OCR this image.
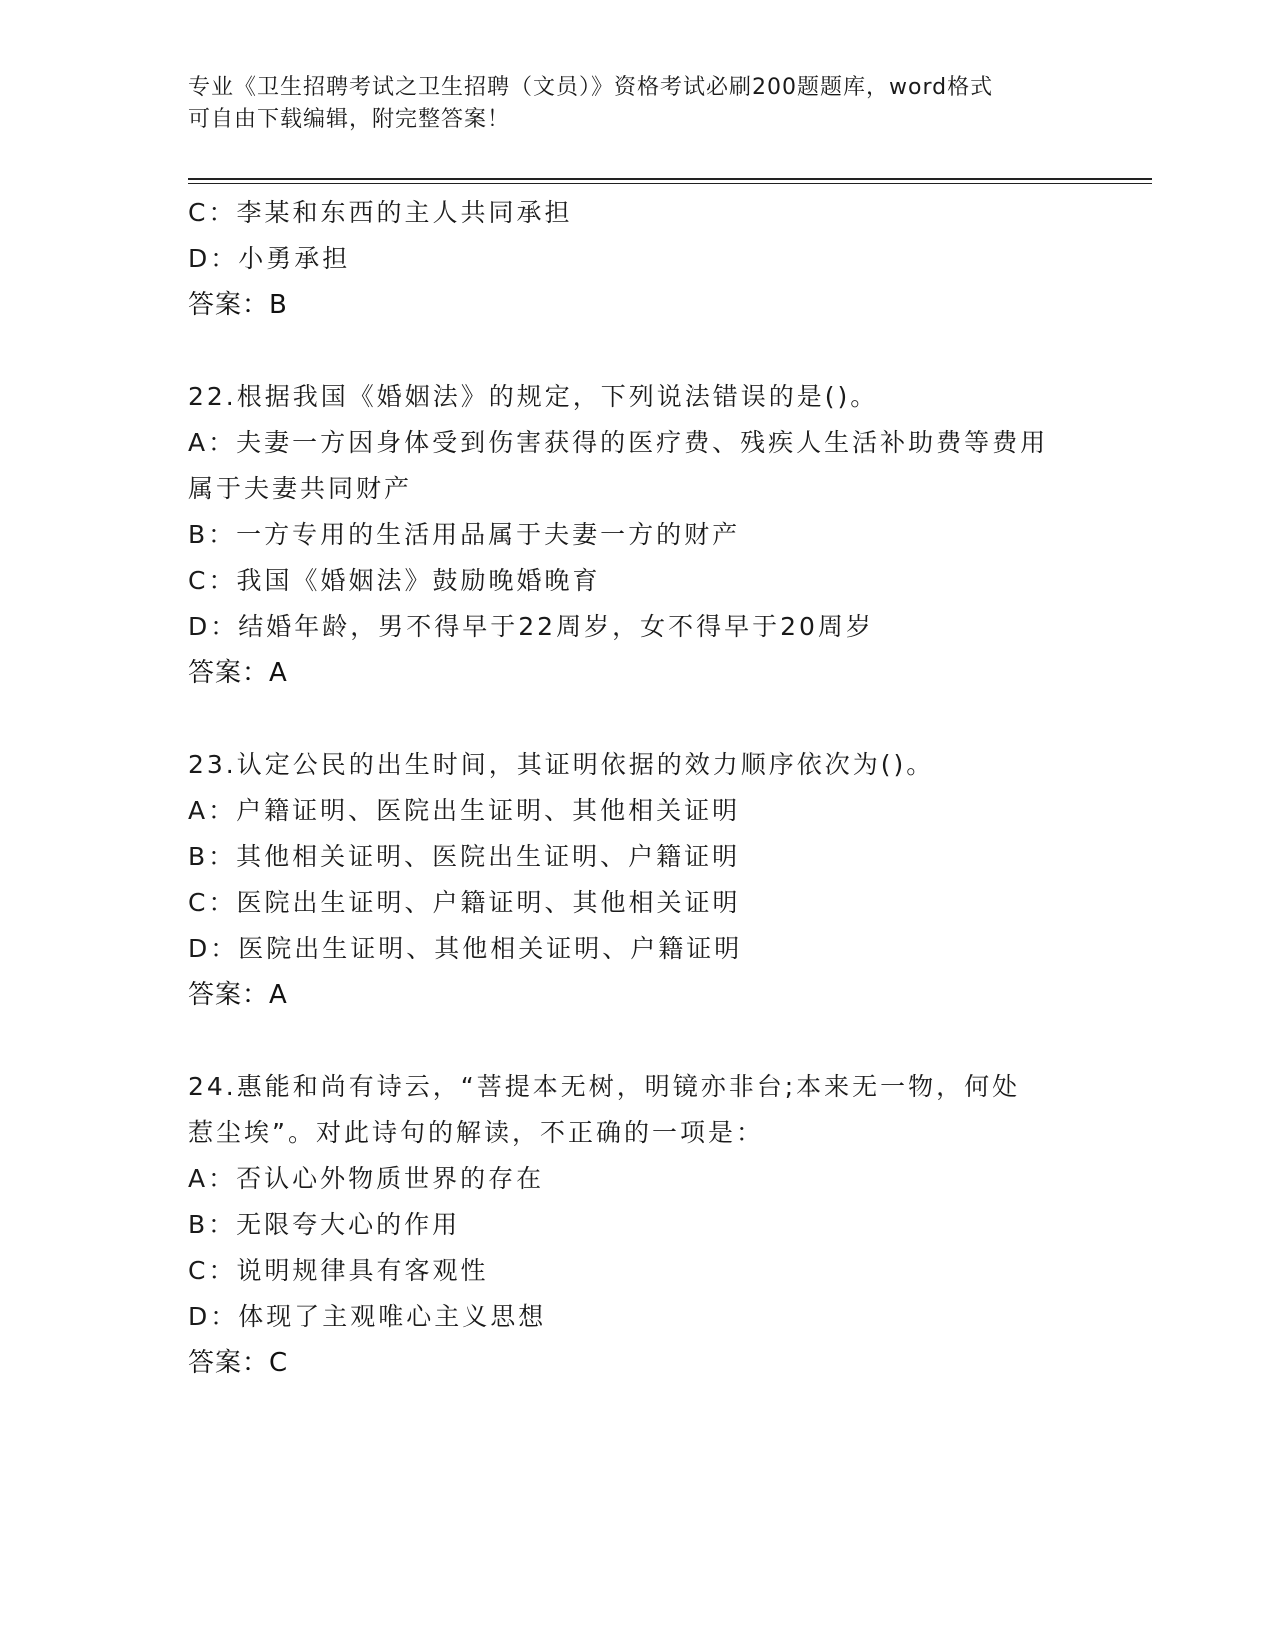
专业《卫生招聘考试之卫生招聘（文员）》资格考试必刷200题题库，word格式
可自由下载编辑，附完整答案！
C：李某和东西的主人共同承担
D：小勇承担
答案：B
22.根据我国《婚姻法》的规定，下列说法错误的是()。
A：夫妻一方因身体受到伤害获得的医疗费、残疾人生活补助费等费用
属于夫妻共同财产
B：一方专用的生活用品属于夫妻一方的财产
C：我国《婚姻法》鼓励晚婚晚育
D：结婚年龄，男不得早于22周岁，女不得早于20周岁
答案：A
23.认定公民的出生时间，其证明依据的效力顺序依次为()。
A：户籍证明、医院出生证明、其他相关证明
B：其他相关证明、医院出生证明、户籍证明
C：医院出生证明、户籍证明、其他相关证明
D：医院出生证明、其他相关证明、户籍证明
答案：A
24.惠能和尚有诗云，“菩提本无树，明镜亦非台;本来无一物，何处
惹尘埃”。对此诗句的解读，不正确的一项是：
A：否认心外物质世界的存在
B：无限夸大心的作用
C：说明规律具有客观性
D：体现了主观唯心主义思想
答案：C
